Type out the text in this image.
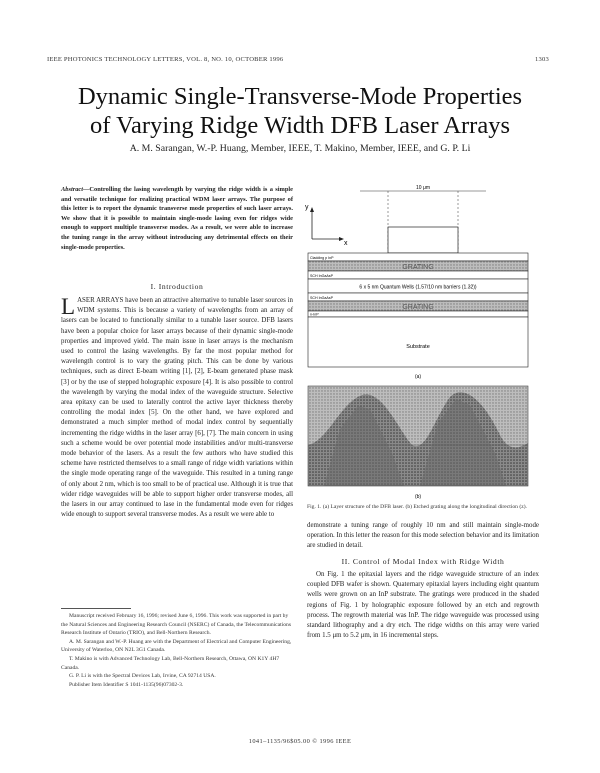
IEEE PHOTONICS TECHNOLOGY LETTERS, VOL. 8, NO. 10, OCTOBER 1996	1303
Dynamic Single-Transverse-Mode Properties
of Varying Ridge Width DFB Laser Arrays
A. M. Sarangan, W.-P. Huang, Member, IEEE, T. Makino, Member, IEEE, and G. P. Li
Abstract—Controlling the lasing wavelength by varying the ridge width is a simple and versatile technique for realizing practical WDM laser arrays. The purpose of this letter is to report the dynamic transverse mode properties of such laser arrays. We show that it is possible to maintain single-mode lasing even for ridges wide enough to support multiple transverse modes. As a result, we were able to increase the tuning range in the array without introducing any detrimental effects on their single-mode properties.
I. Introduction
LASER ARRAYS have been an attractive alternative to tunable laser sources in WDM systems. This is because a variety of wavelengths from an array of lasers can be located to functionally similar to a tunable laser source. DFB lasers have been a popular choice for laser arrays because of their dynamic single-mode properties and improved yield. The main issue in laser arrays is the mechanism used to control the lasing wavelengths. By far the most popular method for wavelength control is to vary the grating pitch. This can be done by various techniques, such as direct E-beam writing [1], [2], E-beam generated phase mask [3] or by the use of stepped holographic exposure [4]. It is also possible to control the wavelength by varying the modal index of the waveguide structure. Selective area epitaxy can be used to laterally control the active layer thickness thereby controlling the modal index [5]. On the other hand, we have explored and demonstrated a much simpler method of modal index control by sequentially incrementing the ridge widths in the laser array [6], [7]. The main concern in using such a scheme would be over potential mode instabilities and/or multi-transverse mode behavior of the lasers. As a result the few authors who have studied this scheme have restricted themselves to a small range of ridge width variations within the single mode operating range of the waveguide. This resulted in a tuning range of only about 2 nm, which is too small to be of practical use. Although it is true that wider ridge waveguides will be able to support higher order transverse modes, all the lasers in our array continued to lase in the fundamental mode even for ridges wide enough to support several transverse modes. As a result we were able to
Manuscript received February 16, 1996; revised June 6, 1996. This work was supported in part by the Natural Sciences and Engineering Research Council (NSERC) of Canada, the Telecommunications Research Institute of Ontario (TRIO), and Bell-Northern Research.
A. M. Sarangan and W.-P. Huang are with the Department of Electrical and Computer Engineering, University of Waterloo, ON N2L 3G1 Canada.
T. Makino is with Advanced Technology Lab, Bell-Northern Research, Ottawa, ON K1Y 4H7 Canada.
G. P. Li is with the Spectral Devices Lab, Irvine, CA 92714 USA.
Publisher Item Identifier S 1041-1135(96)07302-3.
y
x
10 μm
Cladding p InP
SCH InGaAsP
SCH InGaAsP
n-InP
GRATING
6 x 5 nm Quantum Wells (1.57/10 nm barriers (1.32))
GRATING
Substrate
(a)
(b)
Fig. 1. (a) Layer structure of the DFB laser. (b) Etched grating along the longitudinal direction (z).
demonstrate a tuning range of roughly 10 nm and still maintain single-mode operation. In this letter the reason for this mode selection behavior and its limitation are studied in detail.
II. Control of Modal Index with Ridge Width
On Fig. 1 the epitaxial layers and the ridge waveguide structure of an index coupled DFB wafer is shown. Quaternary epitaxial layers including eight quantum wells were grown on an InP substrate. The gratings were produced in the shaded regions of Fig. 1 by holographic exposure followed by an etch and regrowth process. The regrowth material was InP. The ridge waveguide was processed using standard lithography and a dry etch. The ridge widths on this array were varied from 1.5 μm to 5.2 μm, in 16 incremental steps.
1041–1135/96$05.00 © 1996 IEEE
